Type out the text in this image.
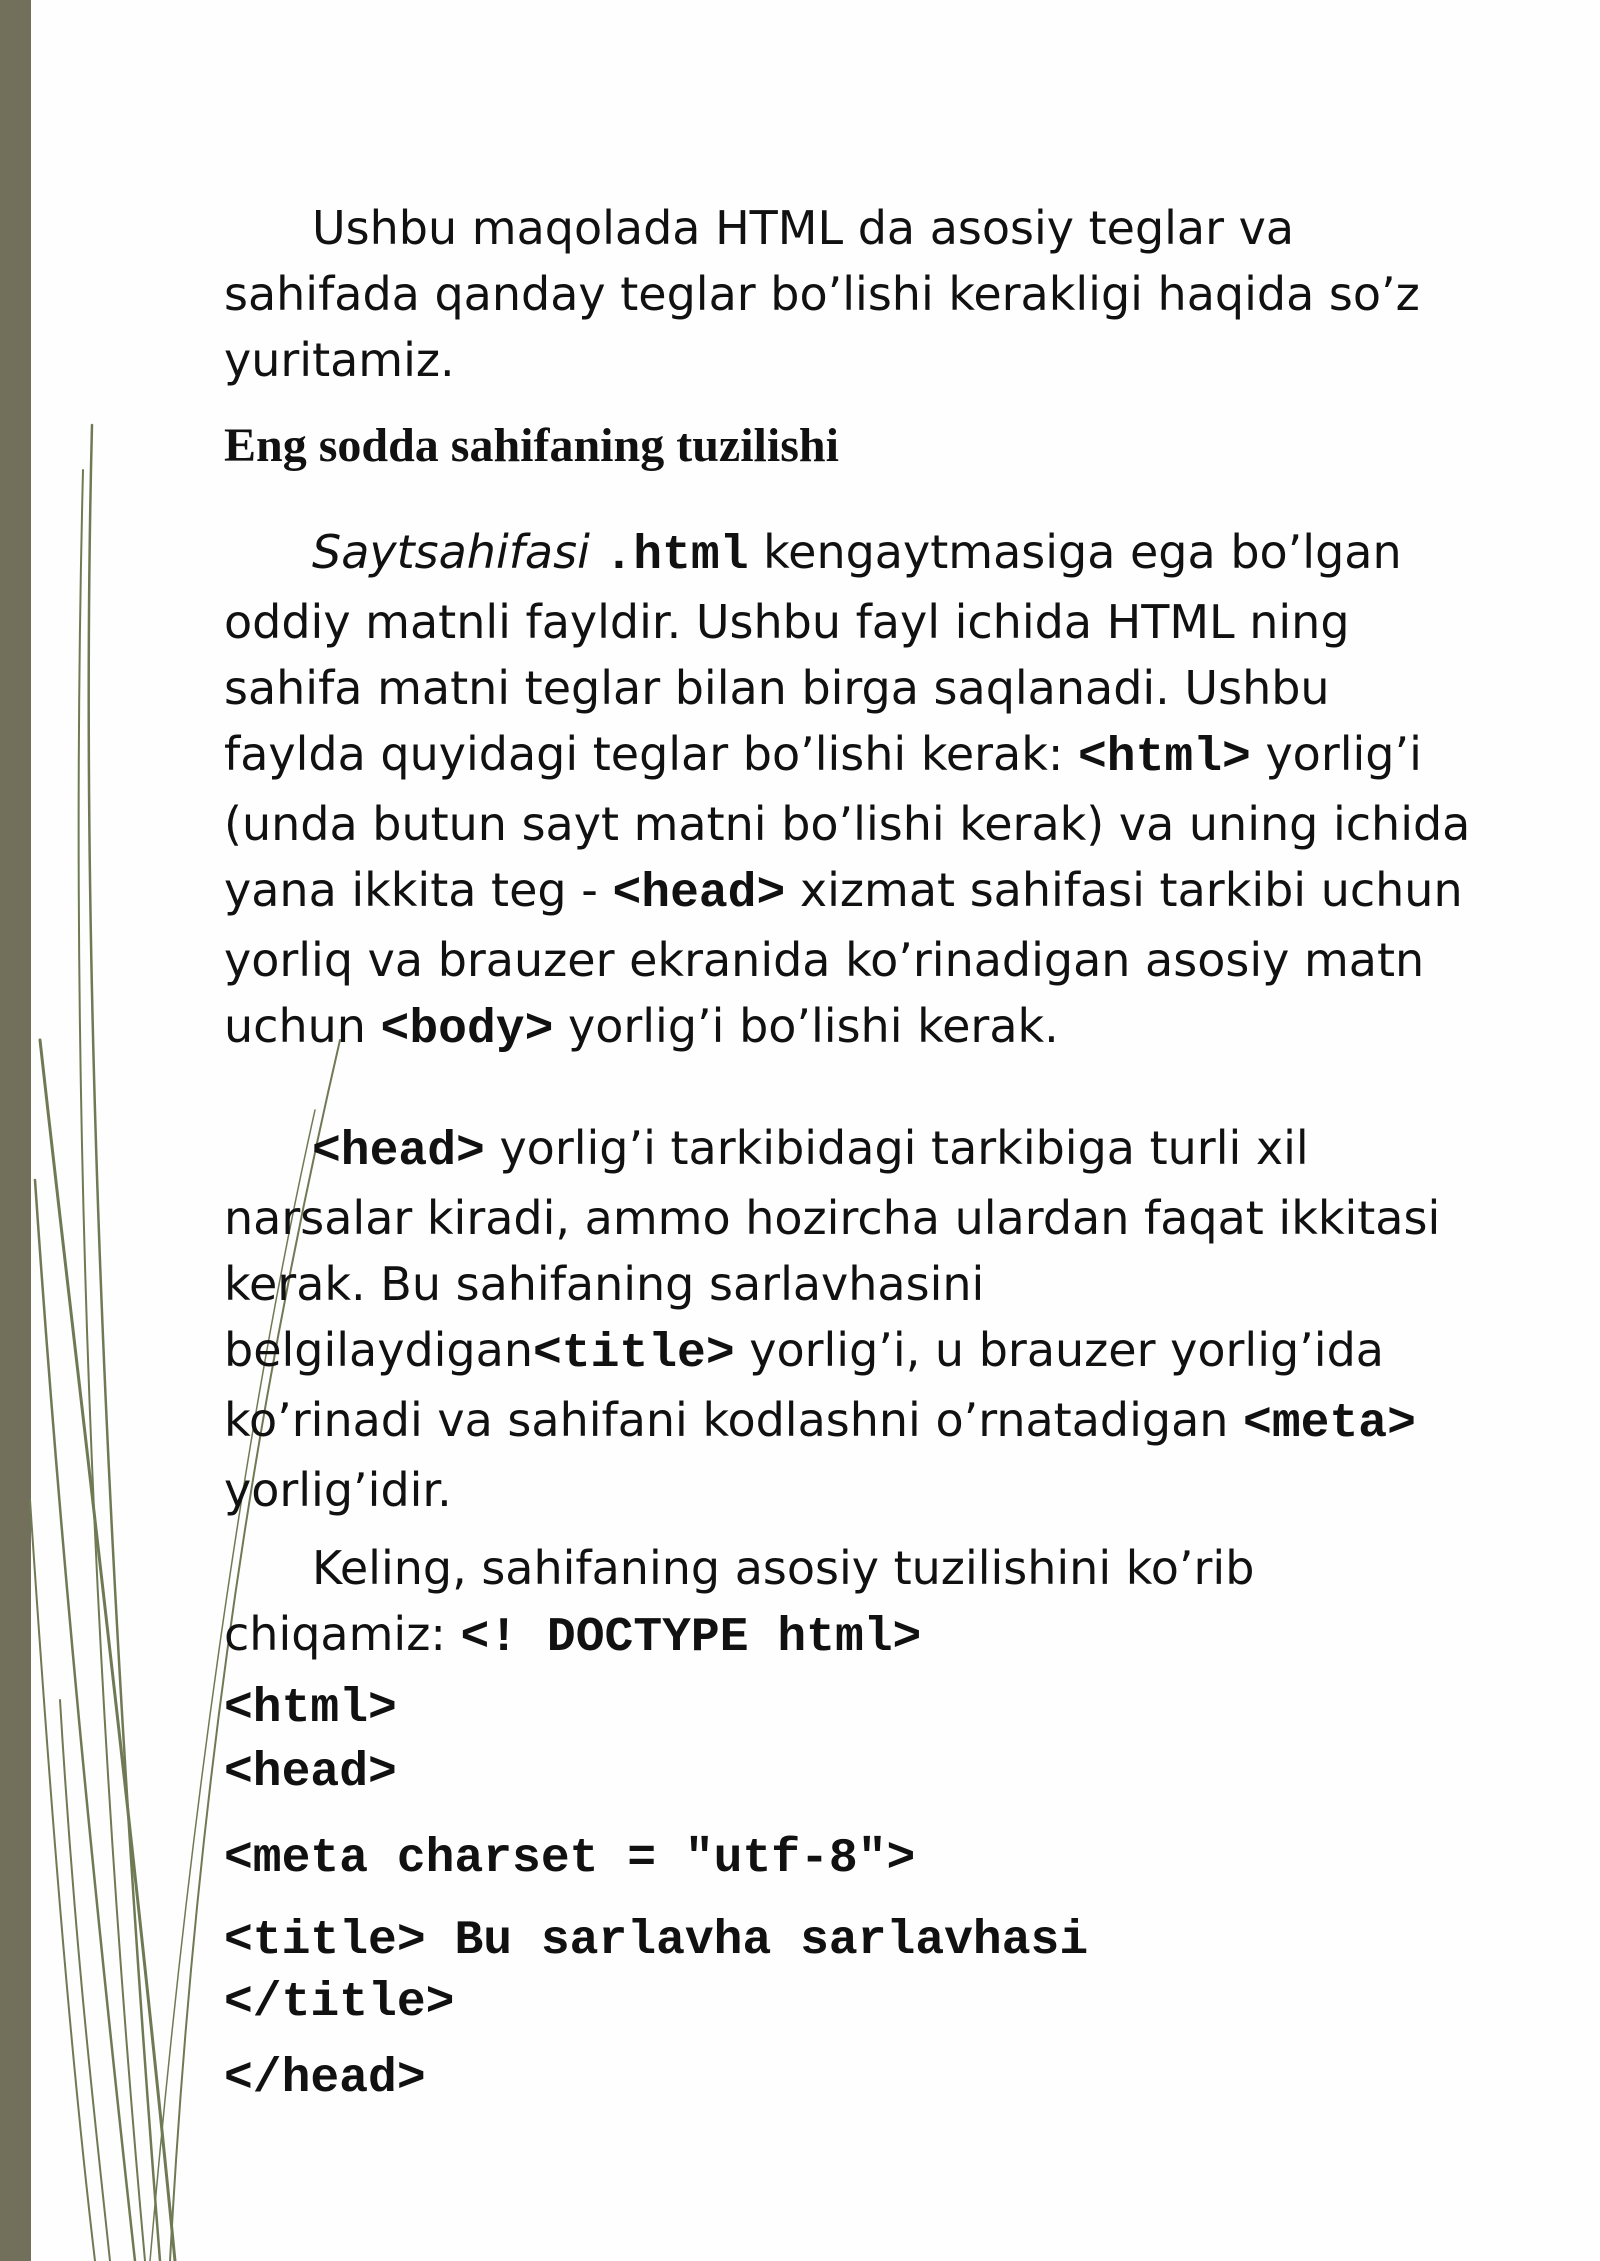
Ushbu maqolada HTML da asosiy teglar va sahifada qanday teglar bo’lishi kerakligi haqida so’z yuritamiz.

Eng sodda sahifaning tuzilishi

Saytsahifasi .html kengaytmasiga ega bo’lgan oddiy matnli fayldir. Ushbu fayl ichida HTML ning sahifa matni teglar bilan birga saqlanadi. Ushbu faylda quyidagi teglar bo’lishi kerak: <html> yorlig’i (unda butun sayt matni bo’lishi kerak) va uning ichida yana ikkita teg - <head> xizmat sahifasi tarkibi uchun yorliq va brauzer ekranida ko’rinadigan asosiy matn uchun <body> yorlig’i bo’lishi kerak.

<head> yorlig’i tarkibidagi tarkibiga turli xil narsalar kiradi, ammo hozircha ulardan faqat ikkitasi kerak. Bu sahifaning sarlavhasini belgilaydigan<title> yorlig’i, u brauzer yorlig’ida ko’rinadi va sahifani kodlashni o’rnatadigan <meta> yorlig’idir.

Keling, sahifaning asosiy tuzilishini ko’rib chiqamiz: <! DOCTYPE html>

<html>
<head>
<meta charset = "utf-8">
<title> Bu sarlavha sarlavhasi
</title>
</head>
